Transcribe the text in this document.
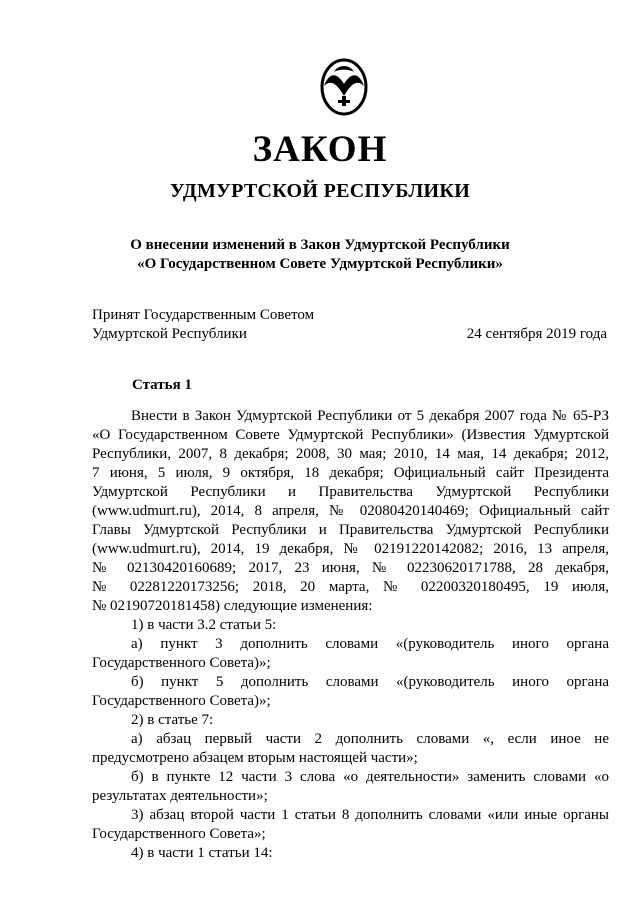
ЗАКОН
УДМУРТСКОЙ РЕСПУБЛИКИ
О внесении изменений в Закон Удмуртской Республики
«О Государственном Совете Удмуртской Республики»
Принят Государственным Советом
Удмуртской Республики	24 сентября 2019 года
Статья 1
Внести в Закон Удмуртской Республики от 5 декабря 2007 года № 65-РЗ
«О Государственном Совете Удмуртской Республики» (Известия Удмуртской
Республики, 2007, 8 декабря; 2008, 30 мая; 2010, 14 мая, 14 декабря; 2012,
7 июня, 5 июля, 9 октября, 18 декабря; Официальный сайт Президента
Удмуртской Республики и Правительства Удмуртской Республики
(www.udmurt.ru), 2014, 8 апреля, № 02080420140469; Официальный сайт
Главы Удмуртской Республики и Правительства Удмуртской Республики
(www.udmurt.ru), 2014, 19 декабря, № 02191220142082; 2016, 13 апреля,
№ 02130420160689; 2017, 23 июня, № 02230620171788, 28 декабря,
№ 02281220173256; 2018, 20 марта, № 02200320180495, 19 июля,
№ 02190720181458) следующие изменения:
1) в части 3.2 статьи 5:
а) пункт 3 дополнить словами «(руководитель иного органа
Государственного Совета)»;
б) пункт 5 дополнить словами «(руководитель иного органа
Государственного Совета)»;
2) в статье 7:
а) абзац первый части 2 дополнить словами «, если иное не
предусмотрено абзацем вторым настоящей части»;
б) в пункте 12 части 3 слова «о деятельности» заменить словами «о
результатах деятельности»;
3) абзац второй части 1 статьи 8 дополнить словами «или иные органы
Государственного Совета»;
4) в части 1 статьи 14:
